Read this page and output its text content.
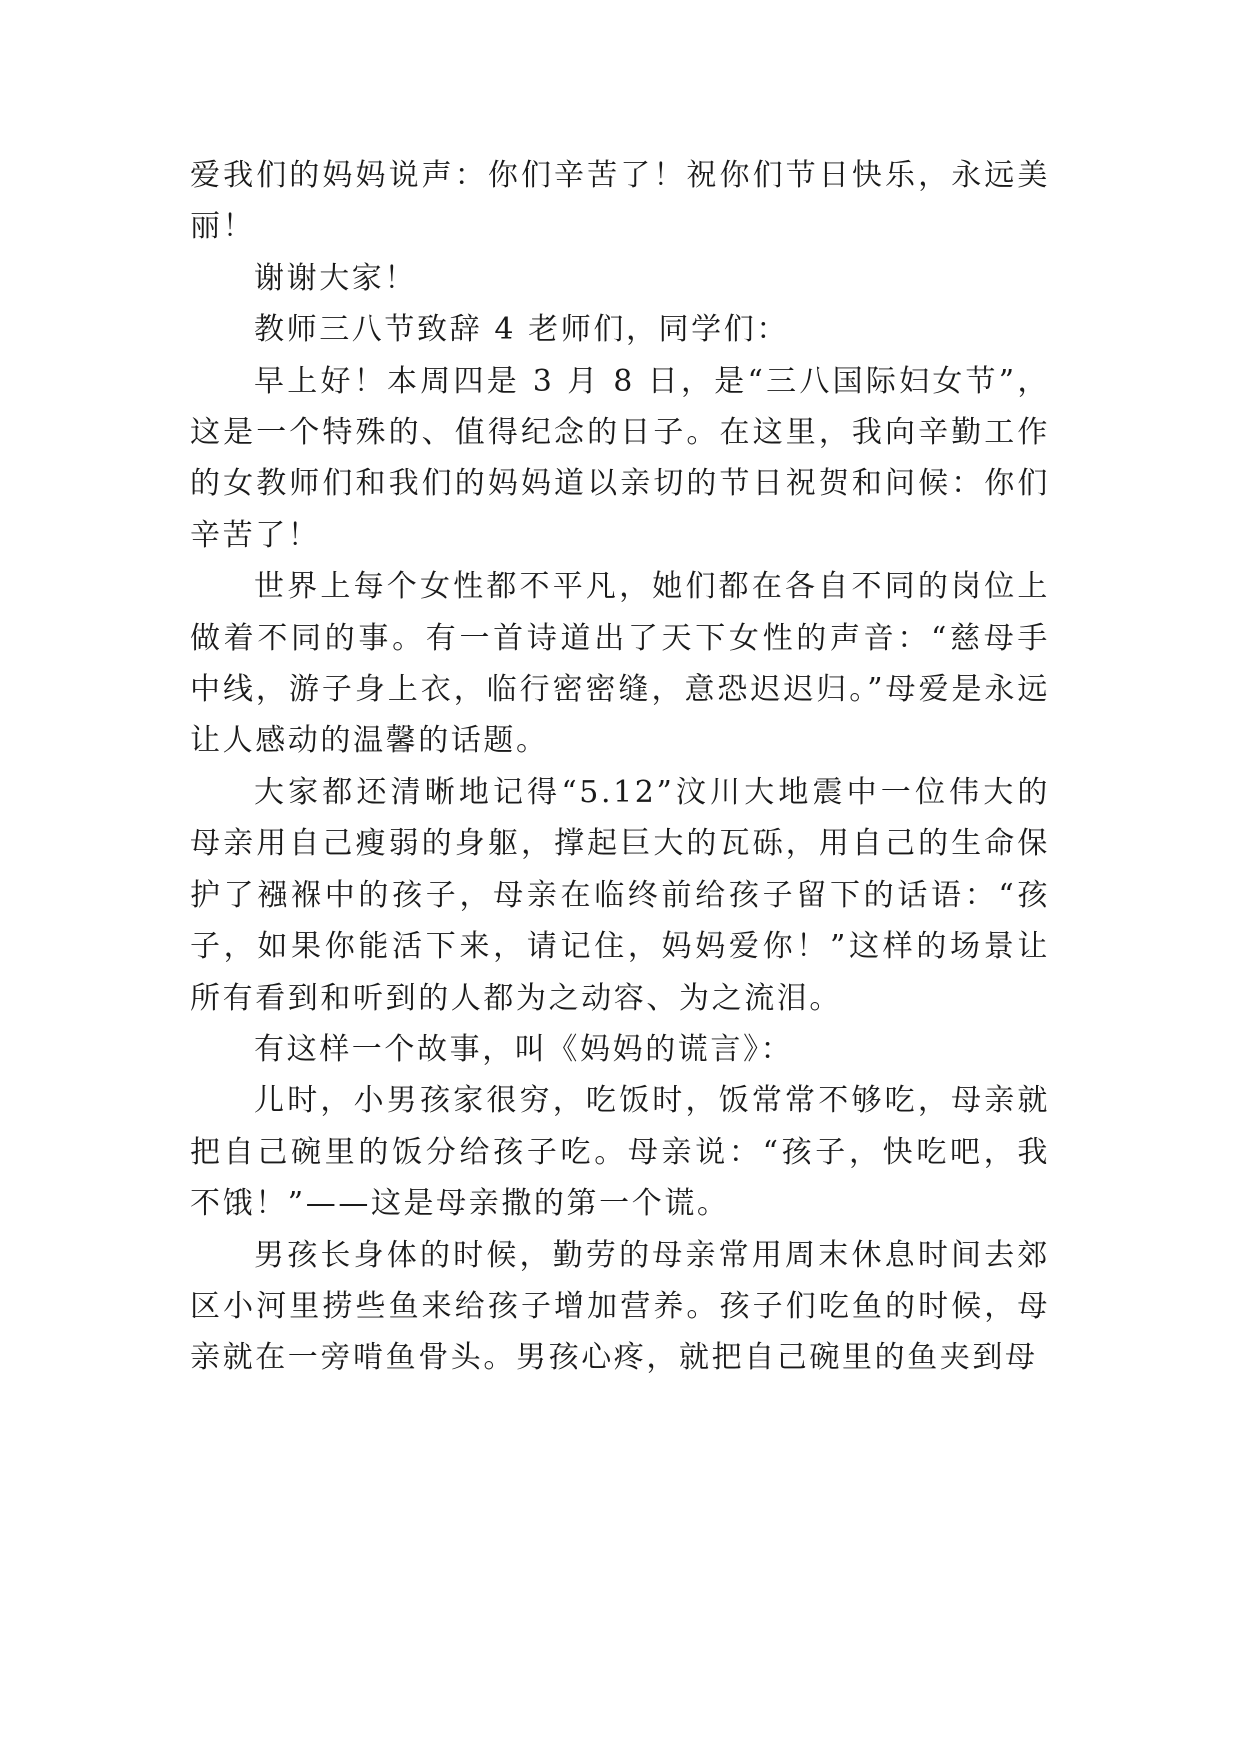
爱我们的妈妈说声：你们辛苦了！祝你们节日快乐，永远美丽！

谢谢大家！

教师三八节致辞 4 老师们，同学们：

早上好！本周四是 3 月 8 日，是“三八国际妇女节”，这是一个特殊的、值得纪念的日子。在这里，我向辛勤工作的女教师们和我们的妈妈道以亲切的节日祝贺和问候：你们辛苦了！

世界上每个女性都不平凡，她们都在各自不同的岗位上做着不同的事。有一首诗道出了天下女性的声音：“慈母手中线，游子身上衣，临行密密缝，意恐迟迟归。”母爱是永远让人感动的温馨的话题。

大家都还清晰地记得“5.12”汶川大地震中一位伟大的母亲用自己瘦弱的身躯，撑起巨大的瓦砾，用自己的生命保护了襁褓中的孩子，母亲在临终前给孩子留下的话语：“孩子，如果你能活下来，请记住，妈妈爱你！”这样的场景让所有看到和听到的人都为之动容、为之流泪。

有这样一个故事，叫《妈妈的谎言》：

儿时，小男孩家很穷，吃饭时，饭常常不够吃，母亲就把自己碗里的饭分给孩子吃。母亲说：“孩子，快吃吧，我不饿！”——这是母亲撒的第一个谎。

男孩长身体的时候，勤劳的母亲常用周末休息时间去郊区小河里捞些鱼来给孩子增加营养。孩子们吃鱼的时候，母亲就在一旁啃鱼骨头。男孩心疼，就把自己碗里的鱼夹到母
